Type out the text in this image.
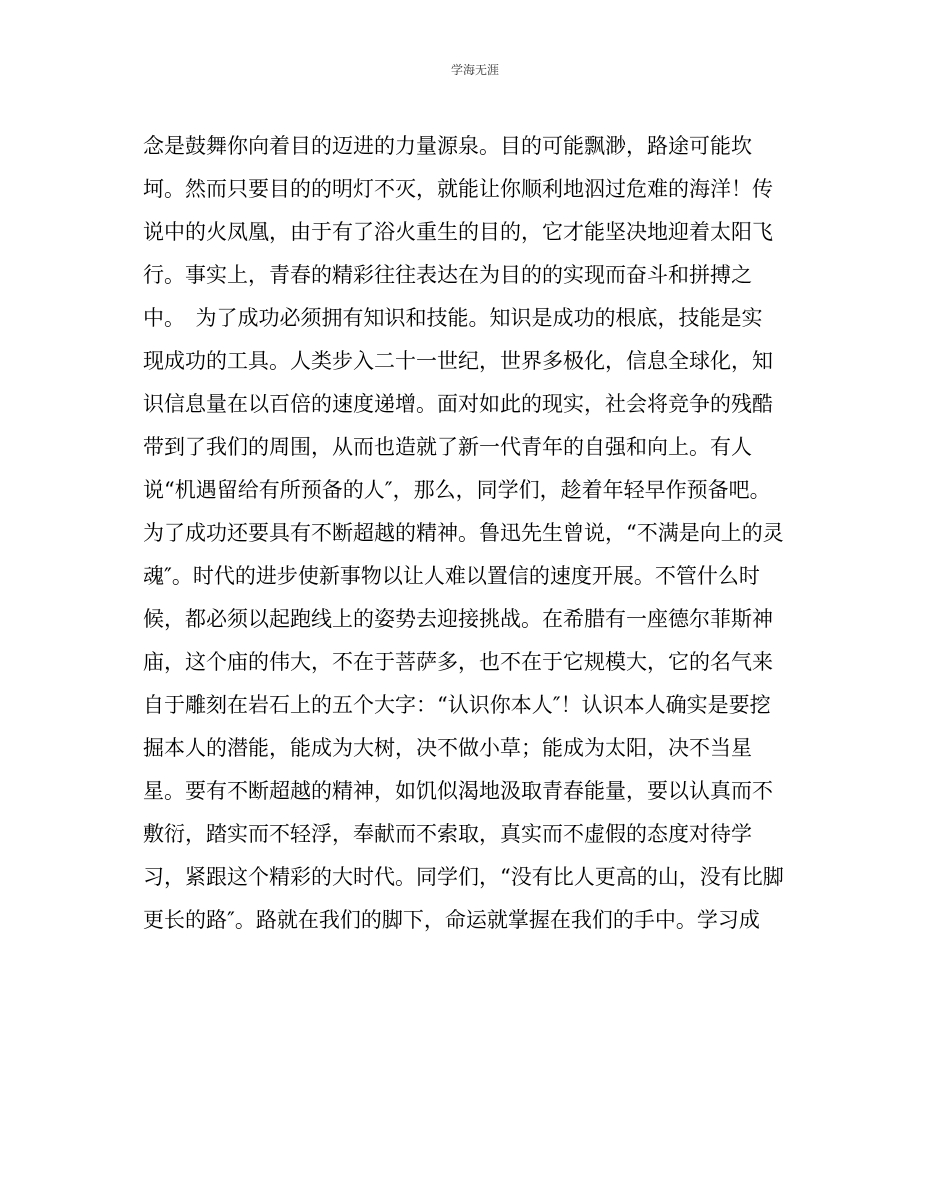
学海无涯
念是鼓舞你向着目的迈进的力量源泉。目的可能飘渺，路途可能坎
坷。然而只要目的的明灯不灭，就能让你顺利地泅过危难的海洋！传
说中的火凤凰，由于有了浴火重生的目的，它才能坚决地迎着太阳飞
行。事实上，青春的精彩往往表达在为目的的实现而奋斗和拼搏之
中。　为了成功必须拥有知识和技能。知识是成功的根底，技能是实
现成功的工具。人类步入二十一世纪，世界多极化，信息全球化，知
识信息量在以百倍的速度递增。面对如此的现实，社会将竞争的残酷
带到了我们的周围，从而也造就了新一代青年的自强和向上。有人
说“机遇留给有所预备的人″，那么，同学们，趁着年轻早作预备吧。
为了成功还要具有不断超越的精神。鲁迅先生曾说，“不满是向上的灵
魂″。时代的进步使新事物以让人难以置信的速度开展。不管什么时
候，都必须以起跑线上的姿势去迎接挑战。在希腊有一座德尔菲斯神
庙，这个庙的伟大，不在于菩萨多，也不在于它规模大，它的名气来
自于雕刻在岩石上的五个大字：“认识你本人″！认识本人确实是要挖
掘本人的潜能，能成为大树，决不做小草；能成为太阳，决不当星
星。要有不断超越的精神，如饥似渴地汲取青春能量，要以认真而不
敷衍，踏实而不轻浮，奉献而不索取，真实而不虚假的态度对待学
习，紧跟这个精彩的大时代。同学们，“没有比人更高的山，没有比脚
更长的路″。路就在我们的脚下，命运就掌握在我们的手中。学习成
